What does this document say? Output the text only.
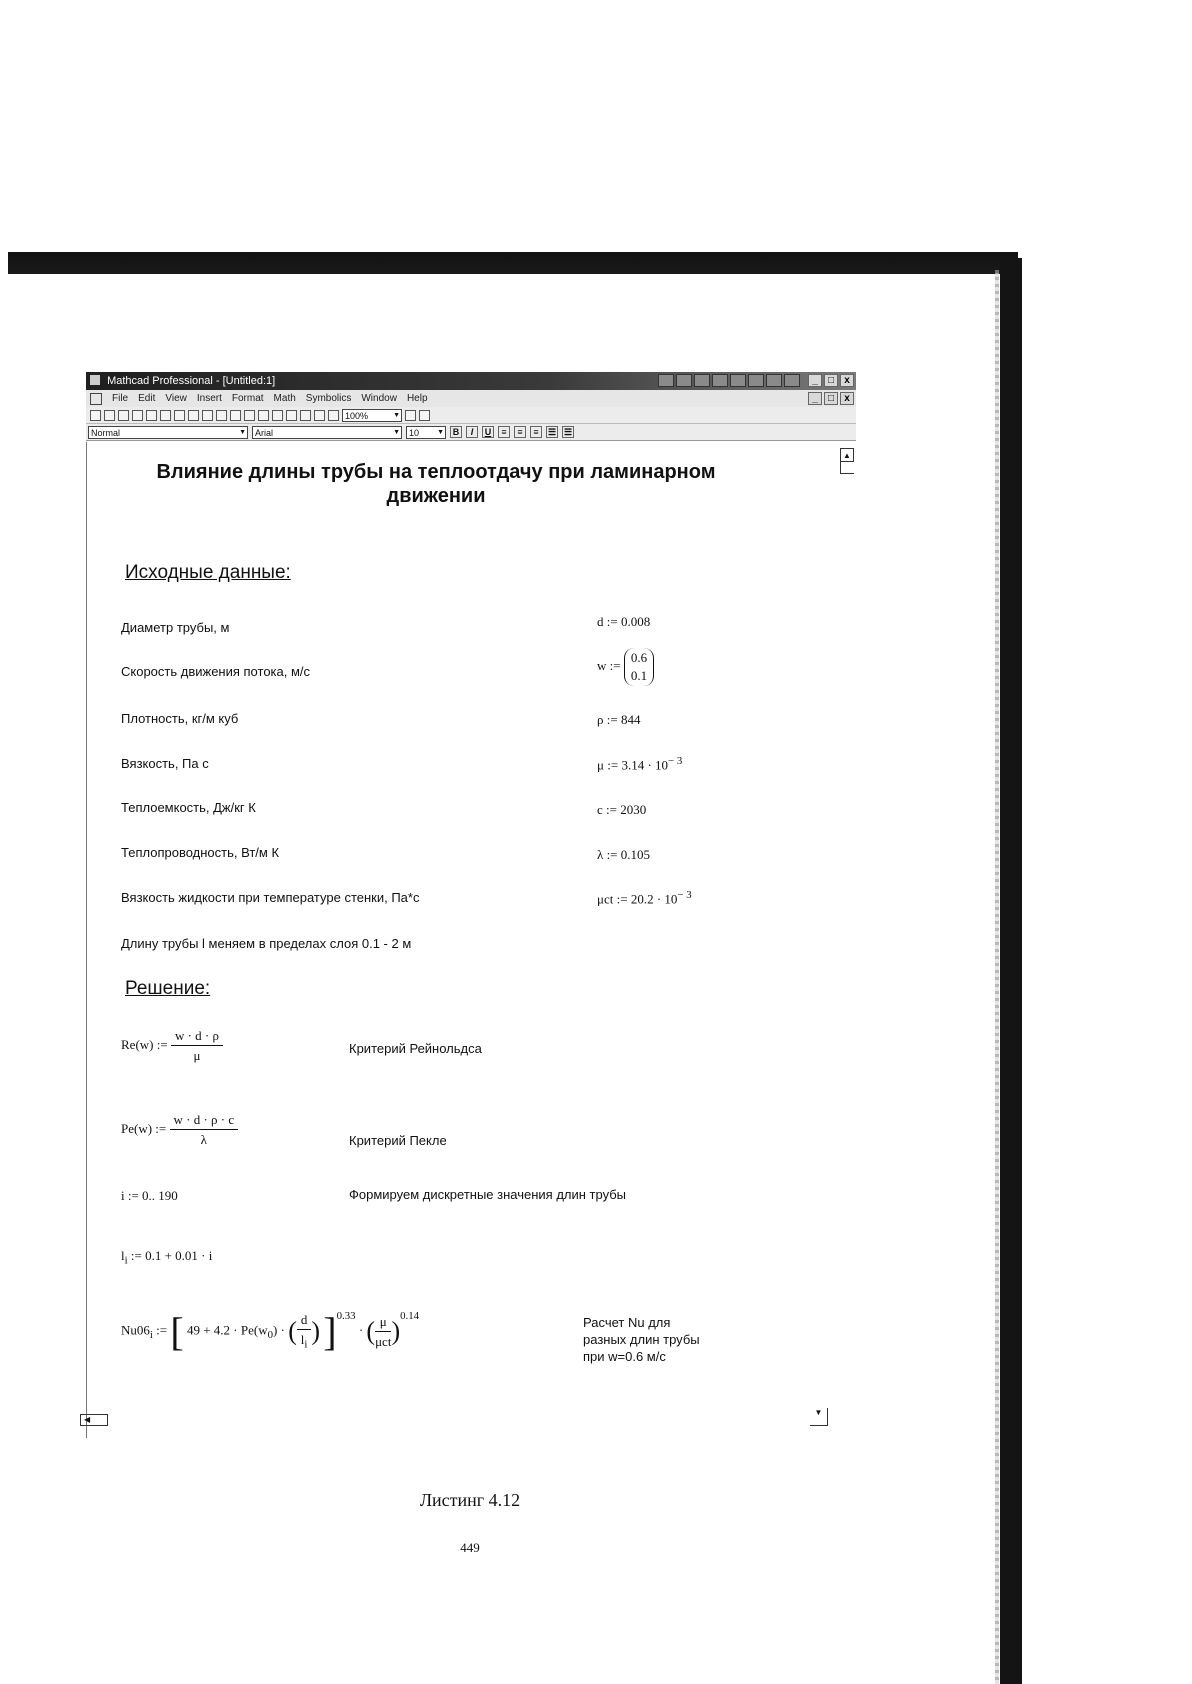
Mathcad Professional - [Untitled:1]	_	□	x
File Edit View Insert Format Math Symbolics Window Help	_	□	x
100% ▼
Normal ▼	Arial ▼	10 ▼	B	I	U	≡	≡	≡	☰ ☰
▲
Влияние длины трубы на теплоотдачу при ламинарном движении
Исходные данные:
Диаметр трубы, м	d := 0.008
Скорость движения потока, м/с	w := 0.6
0.1
Плотность, кг/м куб	ρ := 844
Вязкость, Па с	μ := $3.14 \cdot 10^{- 3}$
Теплоемкость, Дж/кг К	c := 2030
Теплопроводность, Вт/м К	λ := 0.105
Вязкость жидкости при температуре стенки, Па*с	μct := $20.2 \cdot 10^{- 3}$
Длину трубы l меняем в пределах слоя 0.1 - 2 м
Решение:
Re(w) := $\frac{w \cdot d \cdot \rho}{\mu}$	Критерий Рейнольдса
Pe(w) := $\frac{w \cdot d \cdot \rho \cdot c}{\lambda}$	Критерий Пекле
i := 0.. 190	Формируем дискретные значения длин трубы
$l_i$ := 0.1 + 0.01 · i
$Nu06_i$ := [ $49 + 4.2 \cdot Pe(w_0)$ · ( $\frac{d}{l_i}$ ) ]$^{0.33}$ · ( $\frac{\mu}{\text{μct}} )^{0.14}$	Расчет Nu для
разных длин трубы
при w=0.6 м/с
◀
▼
Листинг 4.12
449
